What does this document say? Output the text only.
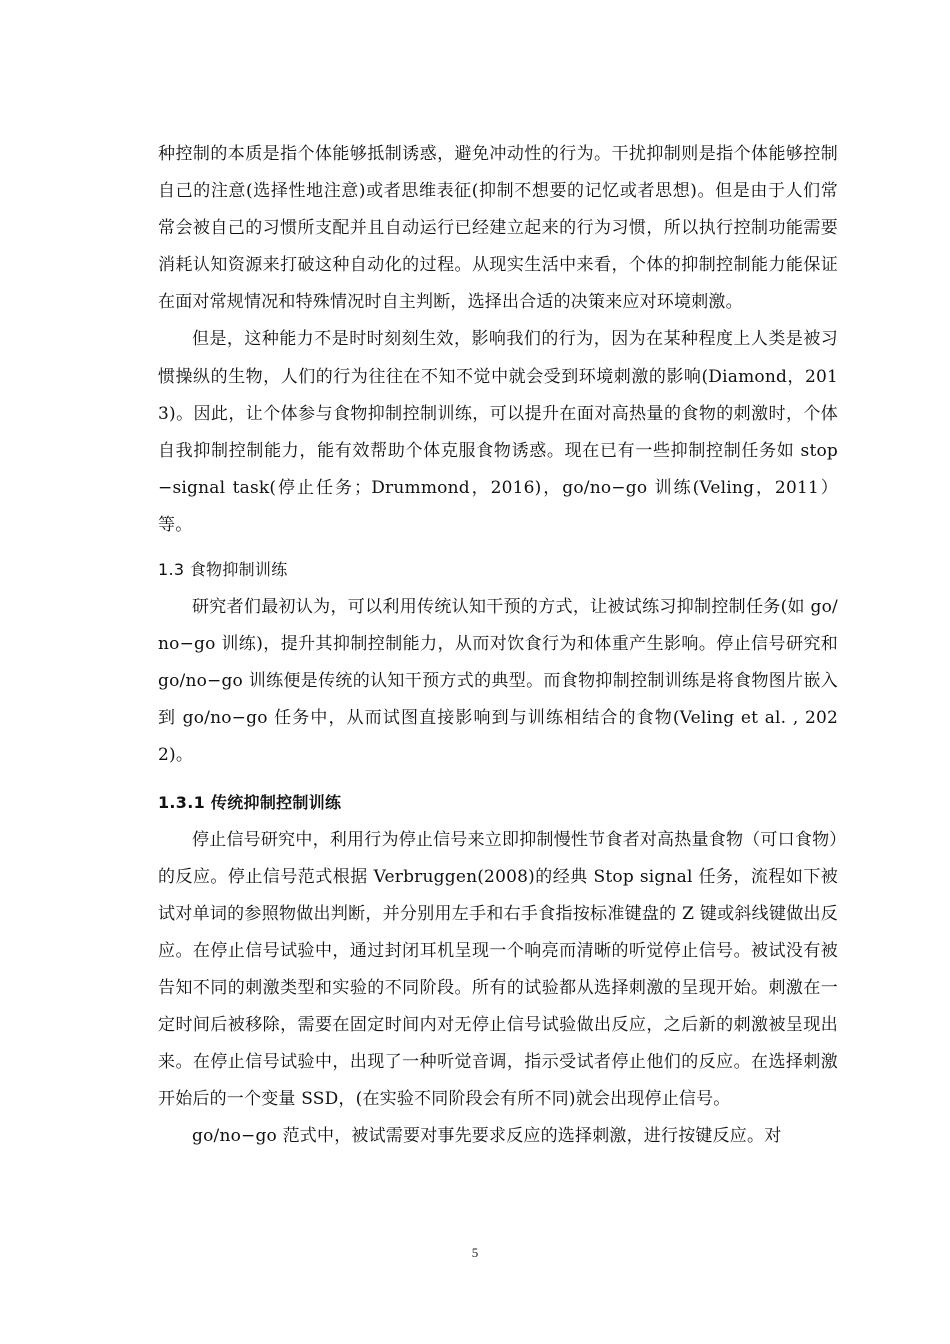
种控制的本质是指个体能够抵制诱惑，避免冲动性的行为。干扰抑制则是指个体能够控制自己的注意(选择性地注意)或者思维表征(抑制不想要的记忆或者思想)。但是由于人们常常会被自己的习惯所支配并且自动运行已经建立起来的行为习惯，所以执行控制功能需要消耗认知资源来打破这种自动化的过程。从现实生活中来看，个体的抑制控制能力能保证在面对常规情况和特殊情况时自主判断，选择出合适的决策来应对环境刺激。

但是，这种能力不是时时刻刻生效，影响我们的行为，因为在某种程度上人类是被习惯操纵的生物，人们的行为往往在不知不觉中就会受到环境刺激的影响(Diamond，2013)。因此，让个体参与食物抑制控制训练，可以提升在面对高热量的食物的刺激时，个体自我抑制控制能力，能有效帮助个体克服食物诱惑。现在已有一些抑制控制任务如 stop−signal task(停止任务；Drummond，2016)，go/no−go 训练(Veling，2011）等。

1.3 食物抑制训练

研究者们最初认为，可以利用传统认知干预的方式，让被试练习抑制控制任务(如 go/no−go 训练)，提升其抑制控制能力，从而对饮食行为和体重产生影响。停止信号研究和 go/no−go 训练便是传统的认知干预方式的典型。而食物抑制控制训练是将食物图片嵌入到 go/no−go 任务中，从而试图直接影响到与训练相结合的食物(Veling et al. , 2022)。

1.3.1 传统抑制控制训练

停止信号研究中，利用行为停止信号来立即抑制慢性节食者对高热量食物（可口食物）的反应。停止信号范式根据 Verbruggen(2008)的经典 Stop signal 任务，流程如下被试对单词的参照物做出判断，并分别用左手和右手食指按标准键盘的 Z 键或斜线键做出反应。在停止信号试验中，通过封闭耳机呈现一个响亮而清晰的听觉停止信号。被试没有被告知不同的刺激类型和实验的不同阶段。所有的试验都从选择刺激的呈现开始。刺激在一定时间后被移除，需要在固定时间内对无停止信号试验做出反应，之后新的刺激被呈现出来。在停止信号试验中，出现了一种听觉音调，指示受试者停止他们的反应。在选择刺激开始后的一个变量 SSD，(在实验不同阶段会有所不同)就会出现停止信号。

go/no−go 范式中，被试需要对事先要求反应的选择刺激，进行按键反应。对

5
